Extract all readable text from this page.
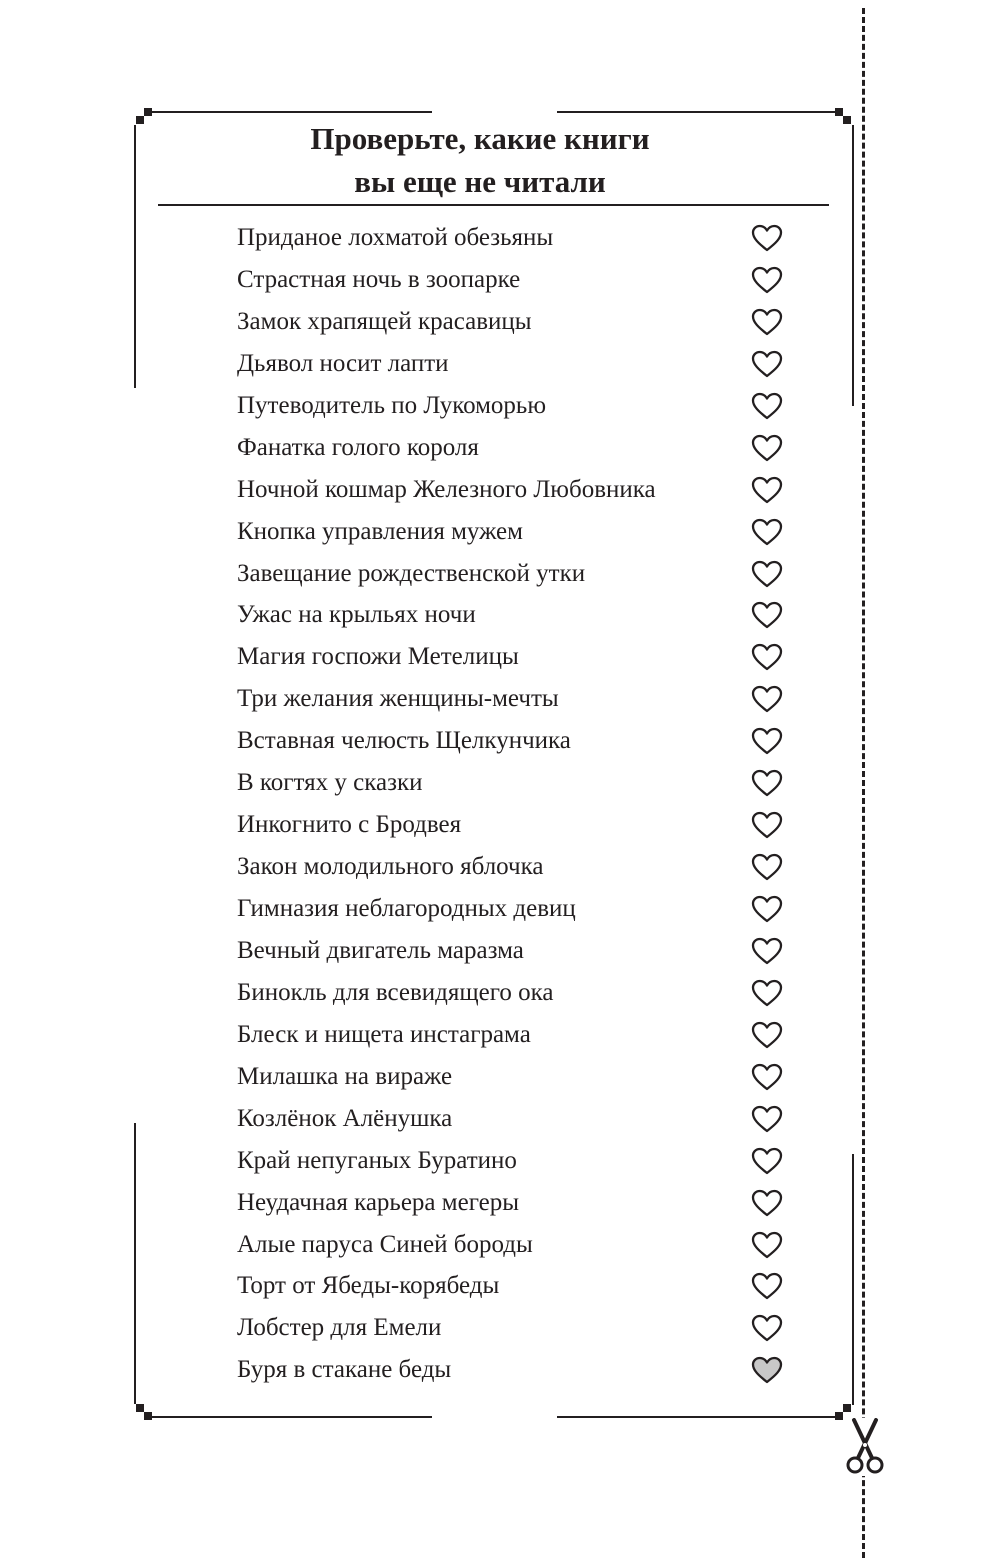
Проверьте, какие книги
вы еще не читали
Приданое лохматой обезьяны
Страстная ночь в зоопарке
Замок храпящей красавицы
Дьявол носит лапти
Путеводитель по Лукоморью
Фанатка голого короля
Ночной кошмар Железного Любовника
Кнопка управления мужем
Завещание рождественской утки
Ужас на крыльях ночи
Магия госпожи Метелицы
Три желания женщины-мечты
Вставная челюсть Щелкунчика
В когтях у сказки
Инкогнито с Бродвея
Закон молодильного яблочка
Гимназия неблагородных девиц
Вечный двигатель маразма
Бинокль для всевидящего ока
Блеск и нищета инстаграма
Милашка на вираже
Козлёнок Алёнушка
Край непуганых Буратино
Неудачная карьера мегеры
Алые паруса Синей бороды
Торт от Ябеды-корябеды
Лобстер для Емели
Буря в стакане беды
